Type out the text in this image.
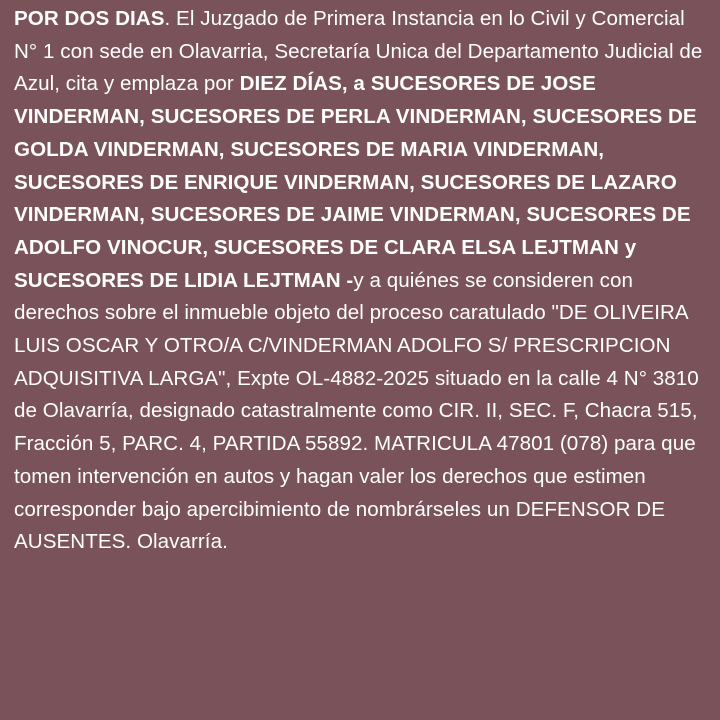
POR DOS DIAS. El Juzgado de Primera Instancia en lo Civil y Comercial N° 1 con sede en Olavarria, Secretaría Unica del Departamento Judicial de Azul, cita y emplaza por DIEZ DÍAS, a SUCESORES DE JOSE VINDERMAN, SUCESORES DE PERLA VINDERMAN, SUCESORES DE GOLDA VINDERMAN, SUCESORES DE MARIA VINDERMAN, SUCESORES DE ENRIQUE VINDERMAN, SUCESORES DE LAZARO VINDERMAN, SUCESORES DE JAIME VINDERMAN, SUCESORES DE ADOLFO VINOCUR, SUCESORES DE CLARA ELSA LEJTMAN y SUCESORES DE LIDIA LEJTMAN -y a quiénes se consideren con derechos sobre el inmueble objeto del proceso caratulado "DE OLIVEIRA LUIS OSCAR Y OTRO/A C/VINDERMAN ADOLFO S/ PRESCRIPCION ADQUISITIVA LARGA", Expte OL-4882-2025 situado en la calle 4 N° 3810 de Olavarría, designado catastralmente como CIR. II, SEC. F, Chacra 515, Fracción 5, PARC. 4, PARTIDA 55892. MATRICULA 47801 (078) para que tomen intervención en autos y hagan valer los derechos que estimen corresponder bajo apercibimiento de nombrárseles un DEFENSOR DE AUSENTES. Olavarría.
